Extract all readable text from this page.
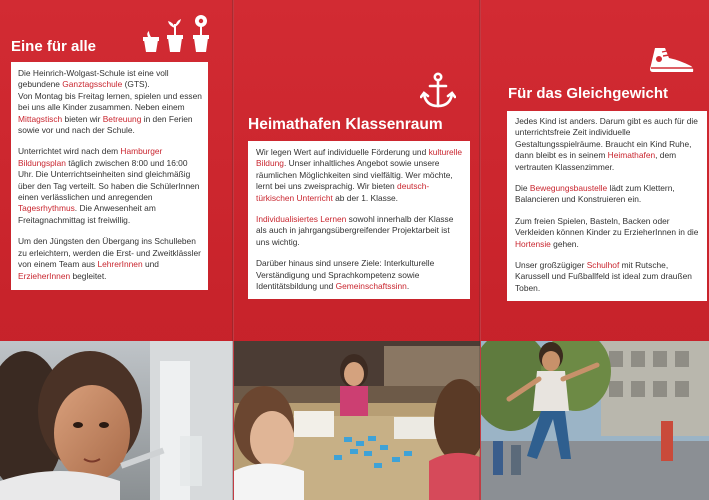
Eine für alle

Die Heinrich-Wolgast-Schule ist eine voll gebundene Ganztagsschule (GTS).
Von Montag bis Freitag lernen, spielen und essen bei uns alle Kinder zusammen. Neben einem Mittagstisch bieten wir Betreuung in den Ferien sowie vor und nach der Schule.

Unterrichtet wird nach dem Hamburger Bildungsplan täglich zwischen 8:00 und 16:00 Uhr. Die Unterrichtseinheiten sind gleichmäßig über den Tag verteilt. So haben die SchülerInnen einen verlässlichen und anregenden Tagesrhythmus. Die Anwesenheit am Freitagnachmittag ist freiwillig.

Um den Jüngsten den Übergang ins Schulleben zu erleichtern, werden die Erst- und Zweitklässler von einem Team aus LehrerInnen und ErzieherInnen begleitet.

Heimathafen Klassenraum

Wir legen Wert auf individuelle Förderung und kulturelle Bildung. Unser inhaltliches Angebot sowie unsere räumlichen Möglichkeiten sind vielfältig. Wer möchte, lernt bei uns zweisprachig. Wir bieten deutsch-türkischen Unterricht ab der 1. Klasse.

Individualisiertes Lernen sowohl innerhalb der Klasse als auch in jahrgangsübergreifender Projektarbeit ist uns wichtig.

Darüber hinaus sind unsere Ziele: Interkulturelle Verständigung und Sprachkompetenz sowie Identitätsbildung und Gemeinschaftssinn.

Für das Gleichgewicht

Jedes Kind ist anders. Darum gibt es auch für die unterrichtsfreie Zeit individuelle Gestaltungsspielräume. Braucht ein Kind Ruhe, dann bleibt es in seinem Heimathafen, dem vertrauten Klassenzimmer.

Die Bewegungsbaustelle lädt zum Klettern, Balancieren und Konstruieren ein.

Zum freien Spielen, Basteln, Backen oder Verkleiden können Kinder zu ErzieherInnen in die Hortensie gehen.

Unser großzügiger Schulhof mit Rutsche, Karussell und Fußballfeld ist ideal zum draußen Toben.
